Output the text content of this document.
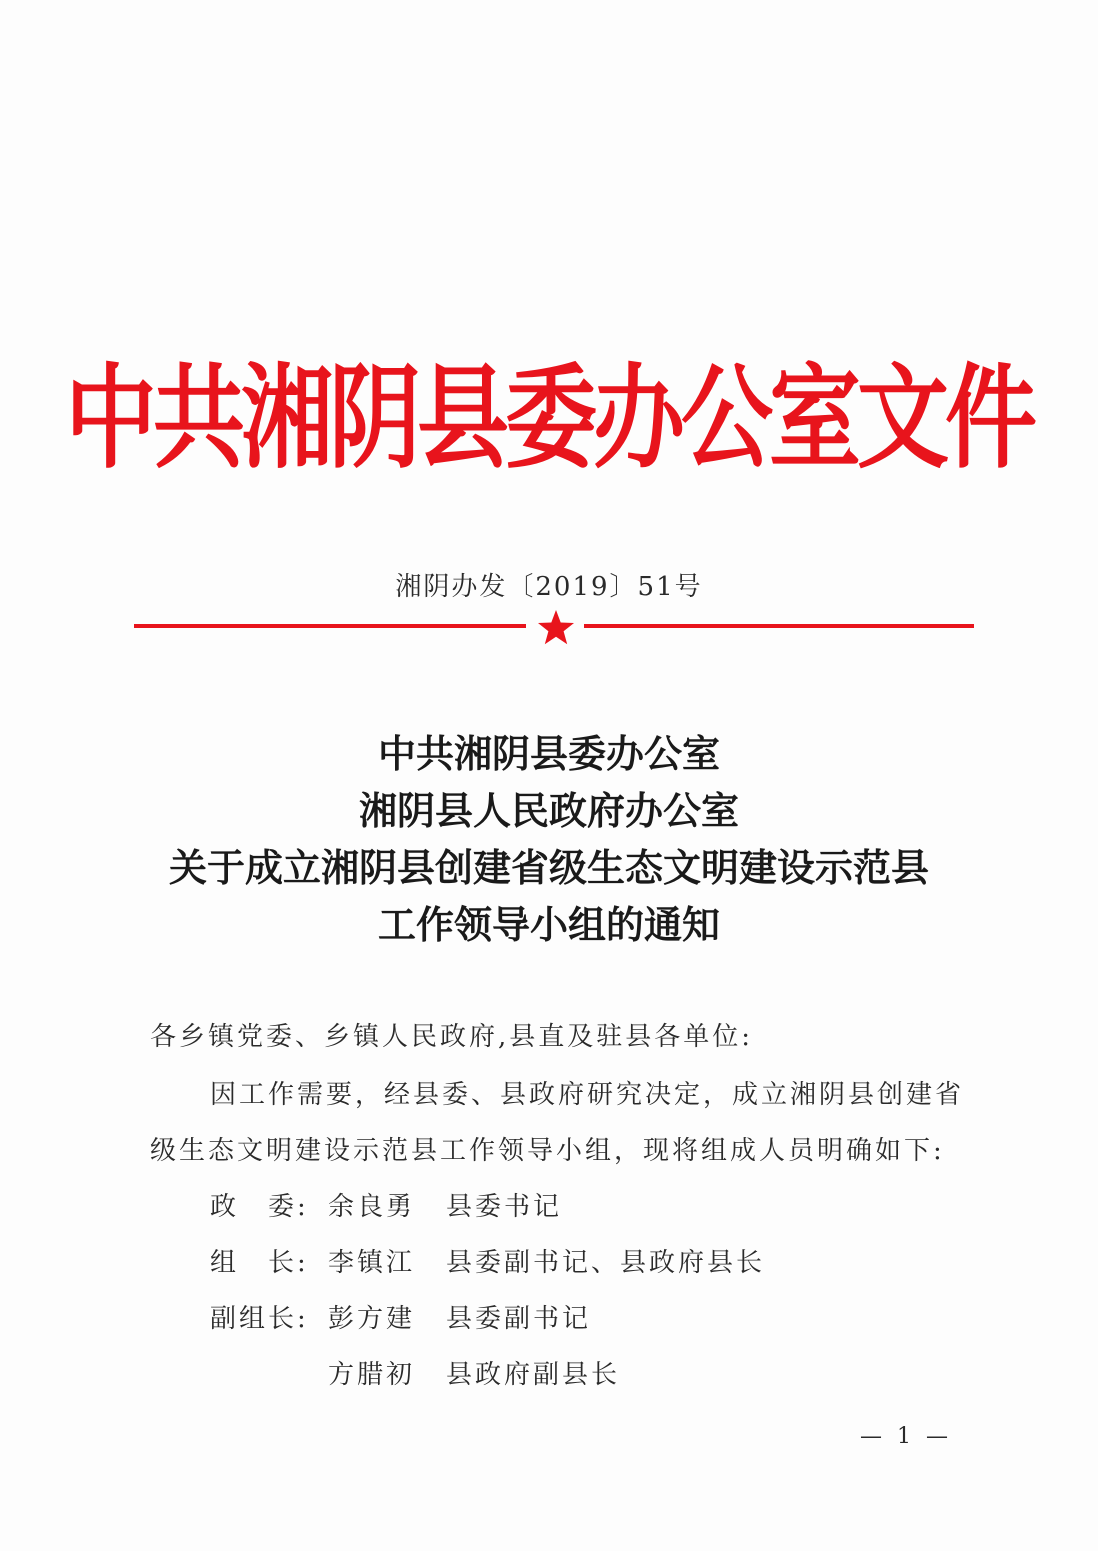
中共湘阴县委办公室文件
湘阴办发〔2019〕51号
中共湘阴县委办公室
湘阴县人民政府办公室
关于成立湘阴县创建省级生态文明建设示范县
工作领导小组的通知
各乡镇党委、乡镇人民政府,县直及驻县各单位:
因工作需要，经县委、县政府研究决定，成立湘阴县创建省
级生态文明建设示范县工作领导小组，现将组成人员明确如下:
政　委: 余良勇 县委书记
组　长: 李镇江 县委副书记、县政府县长
副组长: 彭方建 县委副书记
方腊初 县政府副县长
— 1 —
